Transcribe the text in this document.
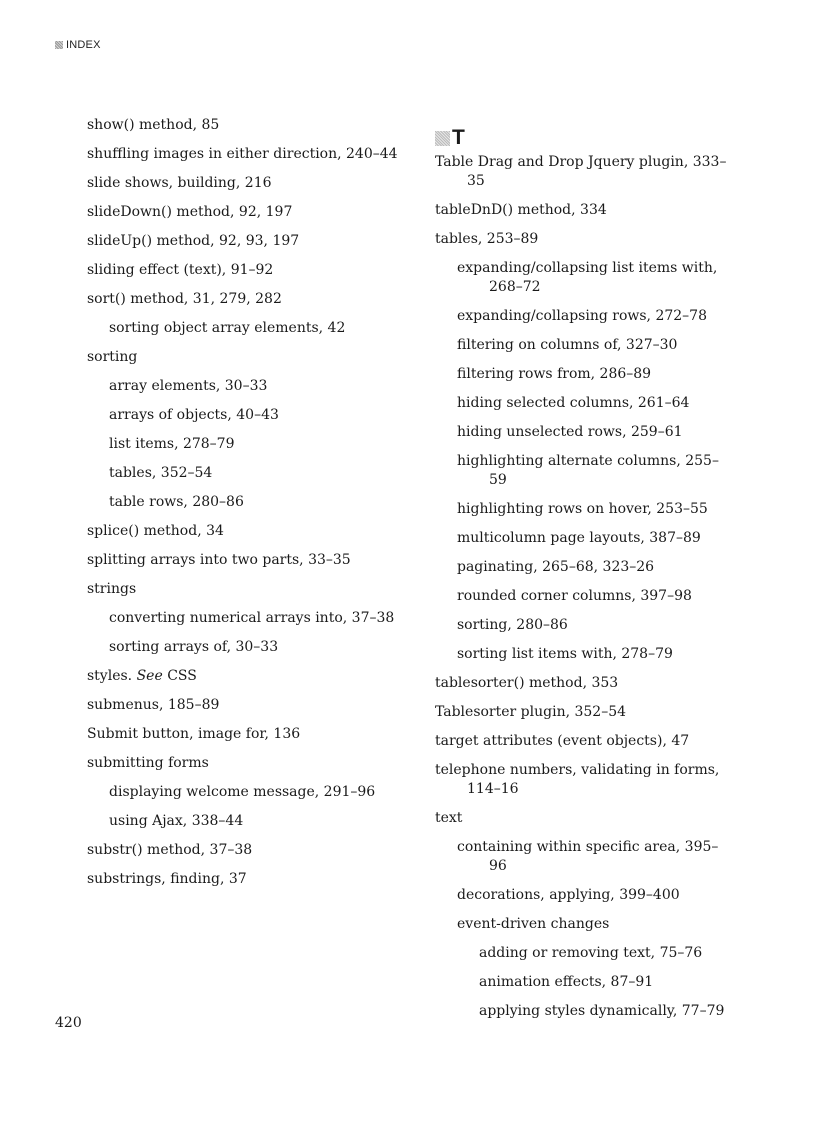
INDEX
show() method, 85
shuffling images in either direction, 240–44
slide shows, building, 216
slideDown() method, 92, 197
slideUp() method, 92, 93, 197
sliding effect (text), 91–92
sort() method, 31, 279, 282
sorting object array elements, 42
sorting
array elements, 30–33
arrays of objects, 40–43
list items, 278–79
tables, 352–54
table rows, 280–86
splice() method, 34
splitting arrays into two parts, 33–35
strings
converting numerical arrays into, 37–38
sorting arrays of, 30–33
styles. See CSS
submenus, 185–89
Submit button, image for, 136
submitting forms
displaying welcome message, 291–96
using Ajax, 338–44
substr() method, 37–38
substrings, finding, 37
T
Table Drag and Drop Jquery plugin, 333–35
tableDnD() method, 334
tables, 253–89
expanding/collapsing list items with, 268–72
expanding/collapsing rows, 272–78
filtering on columns of, 327–30
filtering rows from, 286–89
hiding selected columns, 261–64
hiding unselected rows, 259–61
highlighting alternate columns, 255–59
highlighting rows on hover, 253–55
multicolumn page layouts, 387–89
paginating, 265–68, 323–26
rounded corner columns, 397–98
sorting, 280–86
sorting list items with, 278–79
tablesorter() method, 353
Tablesorter plugin, 352–54
target attributes (event objects), 47
telephone numbers, validating in forms, 114–16
text
containing within specific area, 395–96
decorations, applying, 399–400
event-driven changes
adding or removing text, 75–76
animation effects, 87–91
applying styles dynamically, 77–79
420
